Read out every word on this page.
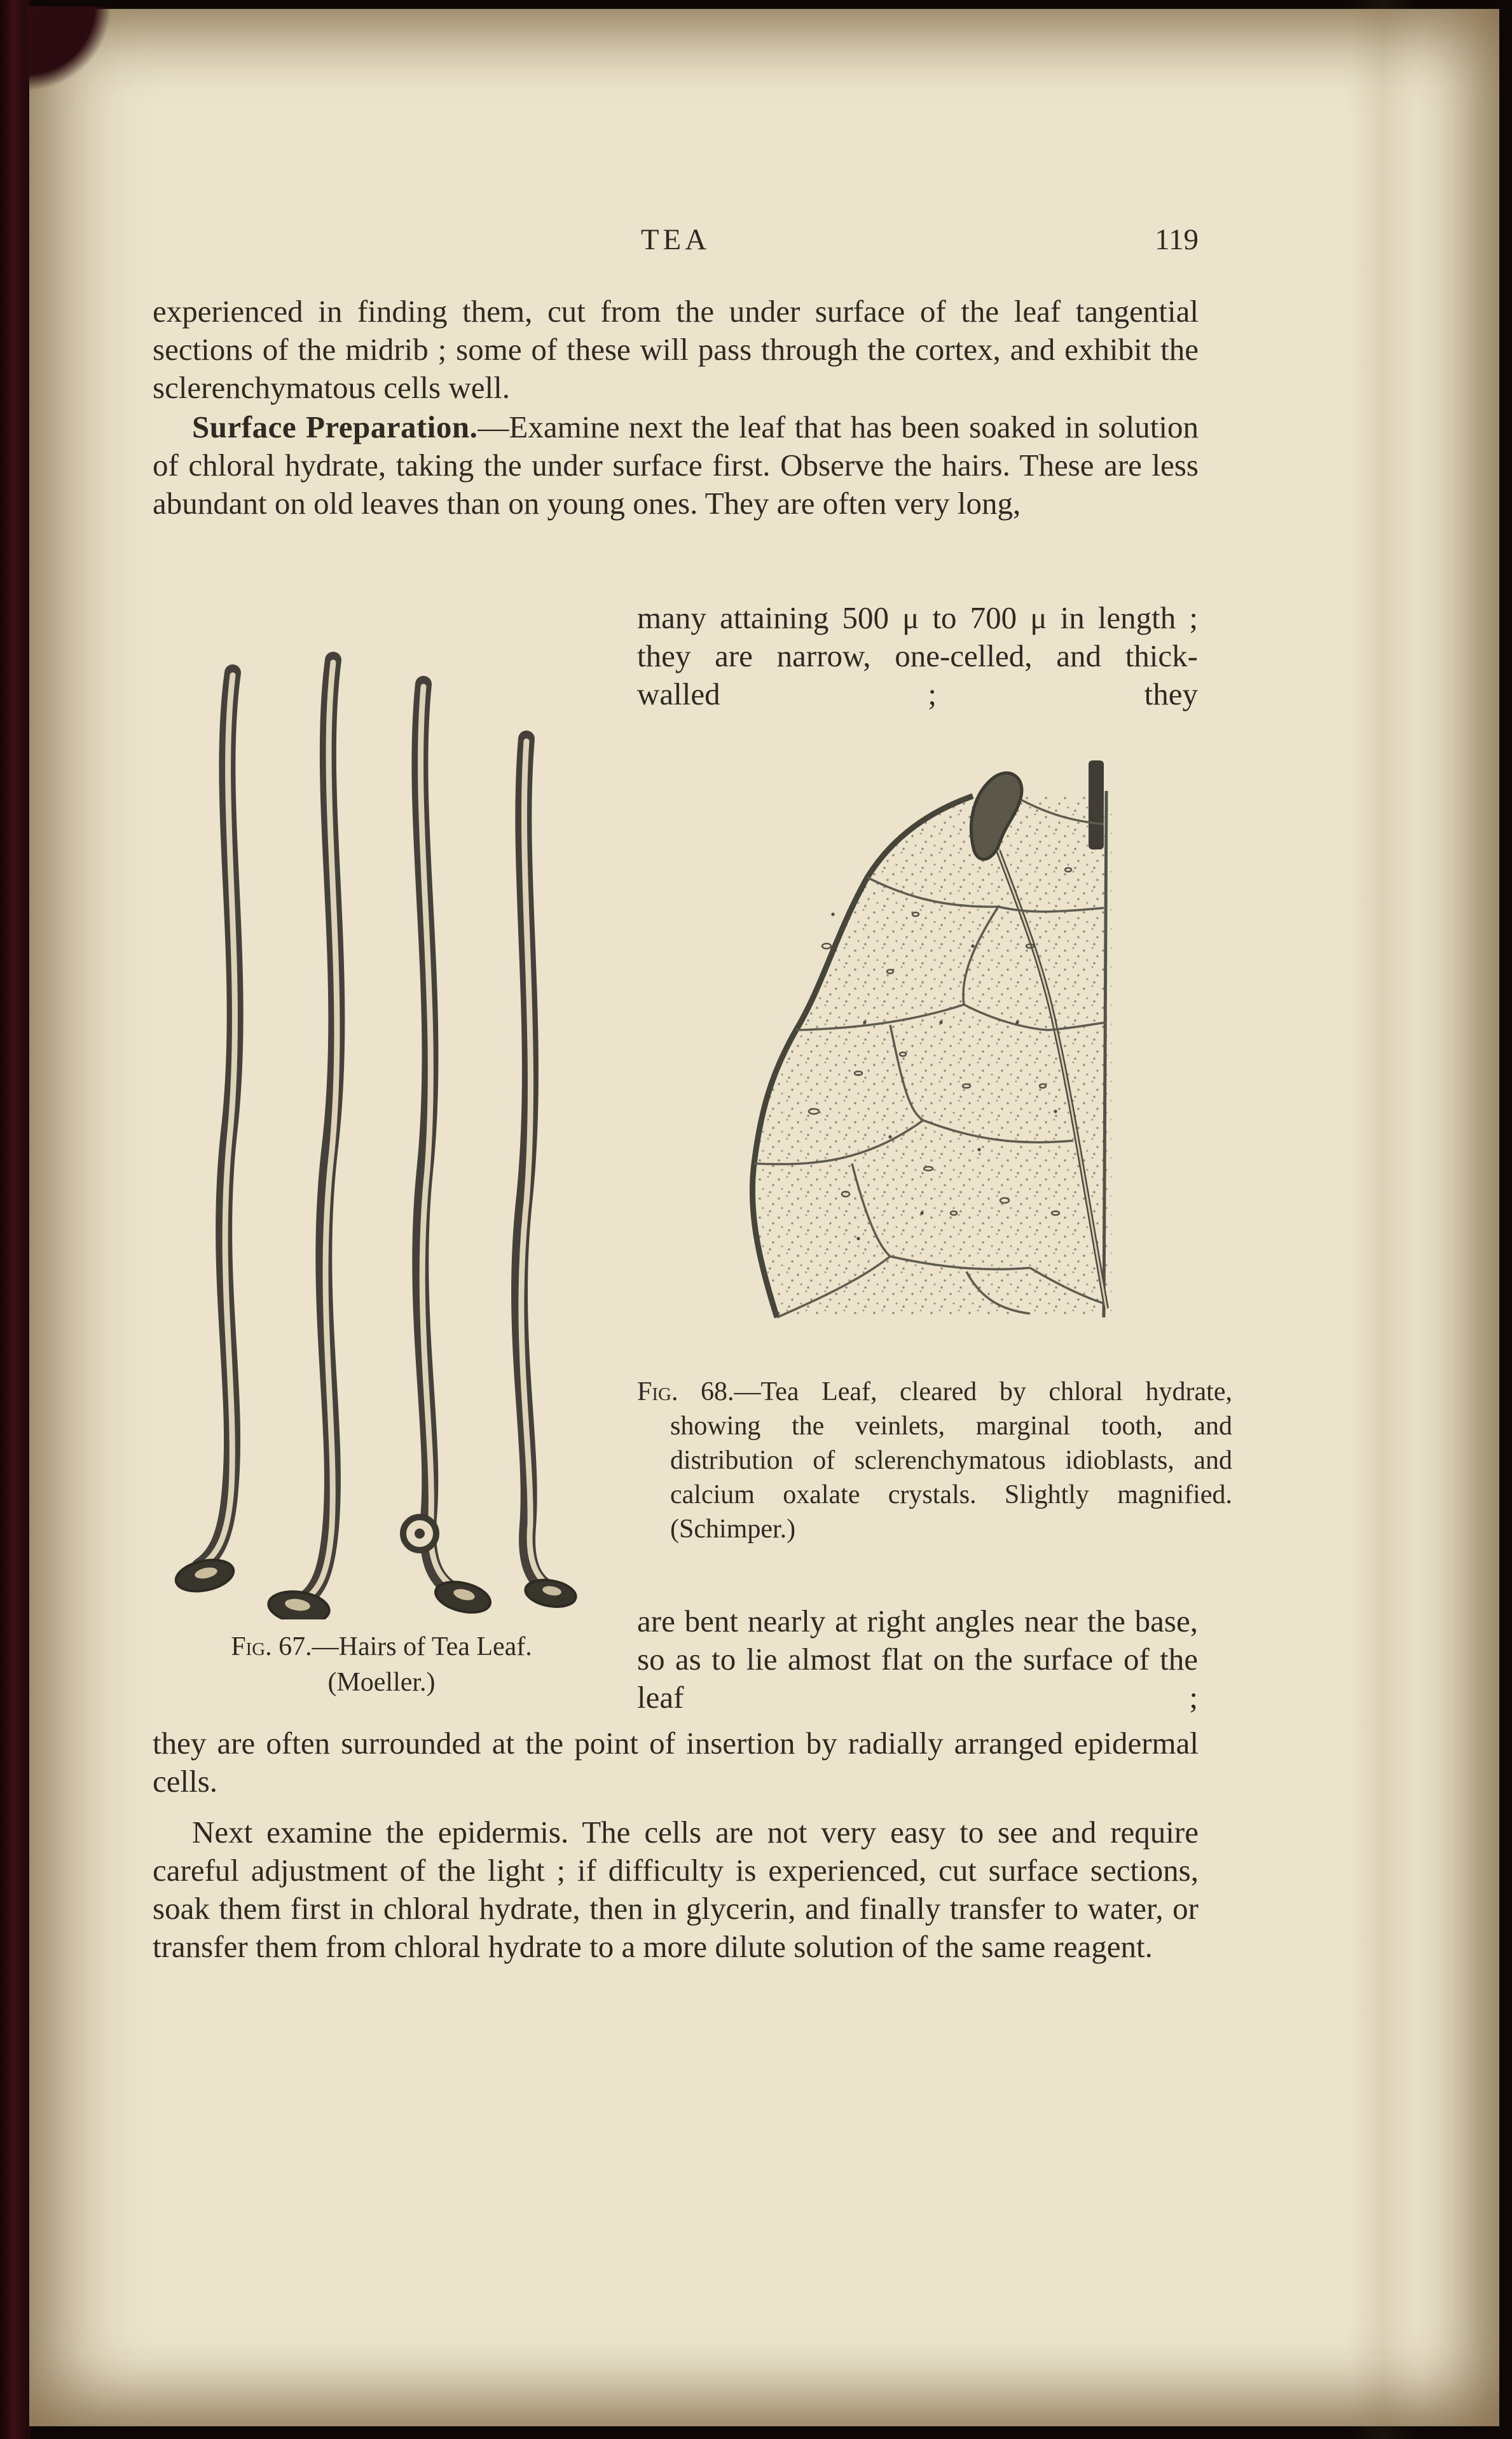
TEA	119
experienced in finding them, cut from the under surface of the leaf tangential sections of the midrib ; some of these will pass through the cortex, and exhibit the sclerenchymatous cells well.
Surface Preparation.—Examine next the leaf that has been soaked in solution of chloral hydrate, taking the under surface first. Observe the hairs. These are less abundant on old leaves than on young ones. They are often very long,
many attaining 500 μ to 700 μ in length ; they are narrow, one-celled, and thick-walled ; they
Fig. 68.—Tea Leaf, cleared by chloral hydrate, showing the veinlets, marginal tooth, and distribution of sclerenchymatous idioblasts, and calcium oxalate crystals. Slightly magnified. (Schimper.)
are bent nearly at right angles near the base, so as to lie almost flat on the surface of the leaf ;
Fig. 67.—Hairs of Tea Leaf.
(Moeller.)
they are often surrounded at the point of insertion by radially arranged epidermal cells.
Next examine the epidermis. The cells are not very easy to see and require careful adjustment of the light ; if difficulty is experienced, cut surface sections, soak them first in chloral hydrate, then in glycerin, and finally transfer to water, or transfer them from chloral hydrate to a more dilute solution of the same reagent.
